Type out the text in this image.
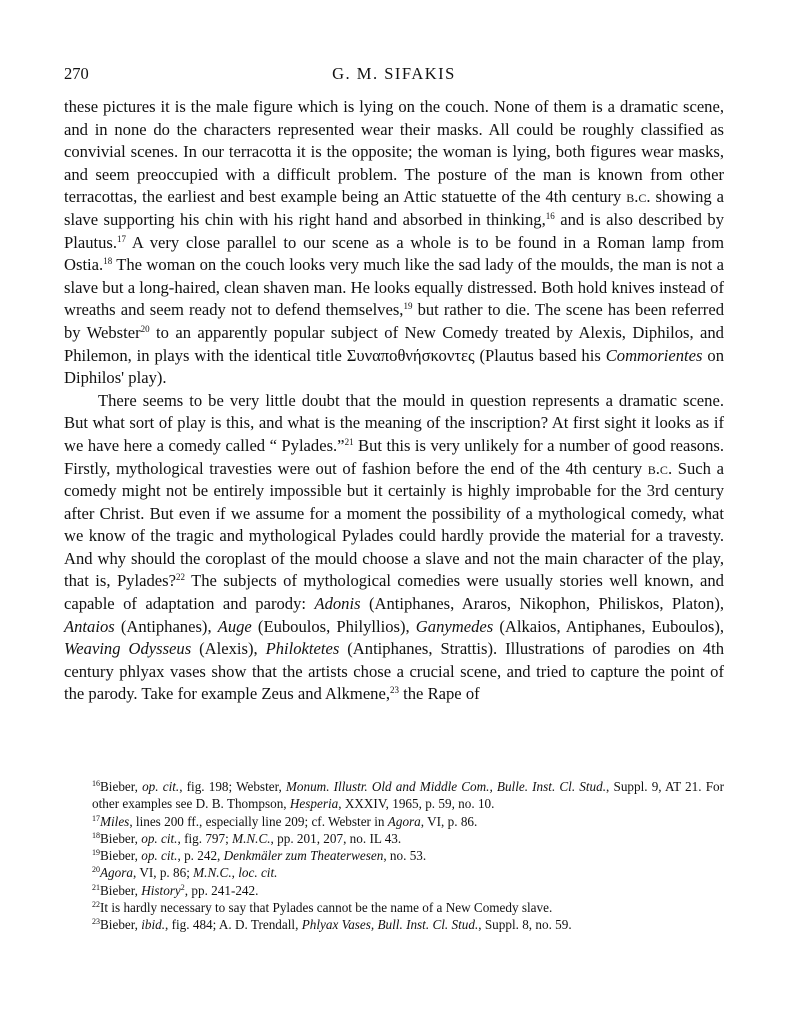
270	G. M. SIFAKIS

these pictures it is the male figure which is lying on the couch. None of them is a dramatic scene, and in none do the characters represented wear their masks. All could be roughly classified as convivial scenes. In our terracotta it is the opposite; the woman is lying, both figures wear masks, and seem preoccupied with a difficult problem. The posture of the man is known from other terracottas, the earliest and best example being an Attic statuette of the 4th century b.c. showing a slave supporting his chin with his right hand and absorbed in thinking,$^{16}$ and is also described by Plautus.$^{17}$ A very close parallel to our scene as a whole is to be found in a Roman lamp from Ostia.$^{18}$ The woman on the couch looks very much like the sad lady of the moulds, the man is not a slave but a long-haired, clean shaven man. He looks equally distressed. Both hold knives instead of wreaths and seem ready not to defend themselves,$^{19}$ but rather to die. The scene has been referred by Webster$^{20}$ to an apparently popular subject of New Comedy treated by Alexis, Diphilos, and Philemon, in plays with the identical title Συναποθνήσκοντες (Plautus based his Commorientes on Diphilos' play).

There seems to be very little doubt that the mould in question represents a dramatic scene. But what sort of play is this, and what is the meaning of the inscription? At first sight it looks as if we have here a comedy called “ Pylades.”$^{21}$ But this is very unlikely for a number of good reasons. Firstly, mythological travesties were out of fashion before the end of the 4th century b.c. Such a comedy might not be entirely impossible but it certainly is highly improbable for the 3rd century after Christ. But even if we assume for a moment the possibility of a mythological comedy, what we know of the tragic and mythological Pylades could hardly provide the material for a travesty. And why should the coroplast of the mould choose a slave and not the main character of the play, that is, Pylades?$^{22}$ The subjects of mythological comedies were usually stories well known, and capable of adaptation and parody: Adonis (Antiphanes, Araros, Nikophon, Philiskos, Platon), Antaios (Antiphanes), Auge (Euboulos, Philyllios), Ganymedes (Alkaios, Antiphanes, Euboulos), Weaving Odysseus (Alexis), Philoktetes (Antiphanes, Strattis). Illustrations of parodies on 4th century phlyax vases show that the artists chose a crucial scene, and tried to capture the point of the parody. Take for example Zeus and Alkmene,$^{23}$ the Rape of

$^{16}$Bieber, op. cit., fig. 198; Webster, Monum. Illustr. Old and Middle Com., Bulle. Inst. Cl. Stud., Suppl. 9, AT 21. For other examples see D. B. Thompson, Hesperia, XXXIV, 1965, p. 59, no. 10.

$^{17}$Miles, lines 200 ff., especially line 209; cf. Webster in Agora, VI, p. 86.

$^{18}$Bieber, op. cit., fig. 797; M.N.C., pp. 201, 207, no. IL 43.

$^{19}$Bieber, op. cit., p. 242, Denkmäler zum Theaterwesen, no. 53.

$^{20}$Agora, VI, p. 86; M.N.C., loc. cit.

$^{21}$Bieber, History$^2$, pp. 241-242.

$^{22}$It is hardly necessary to say that Pylades cannot be the name of a New Comedy slave.

$^{23}$Bieber, ibid., fig. 484; A. D. Trendall, Phlyax Vases, Bull. Inst. Cl. Stud., Suppl. 8, no. 59.
